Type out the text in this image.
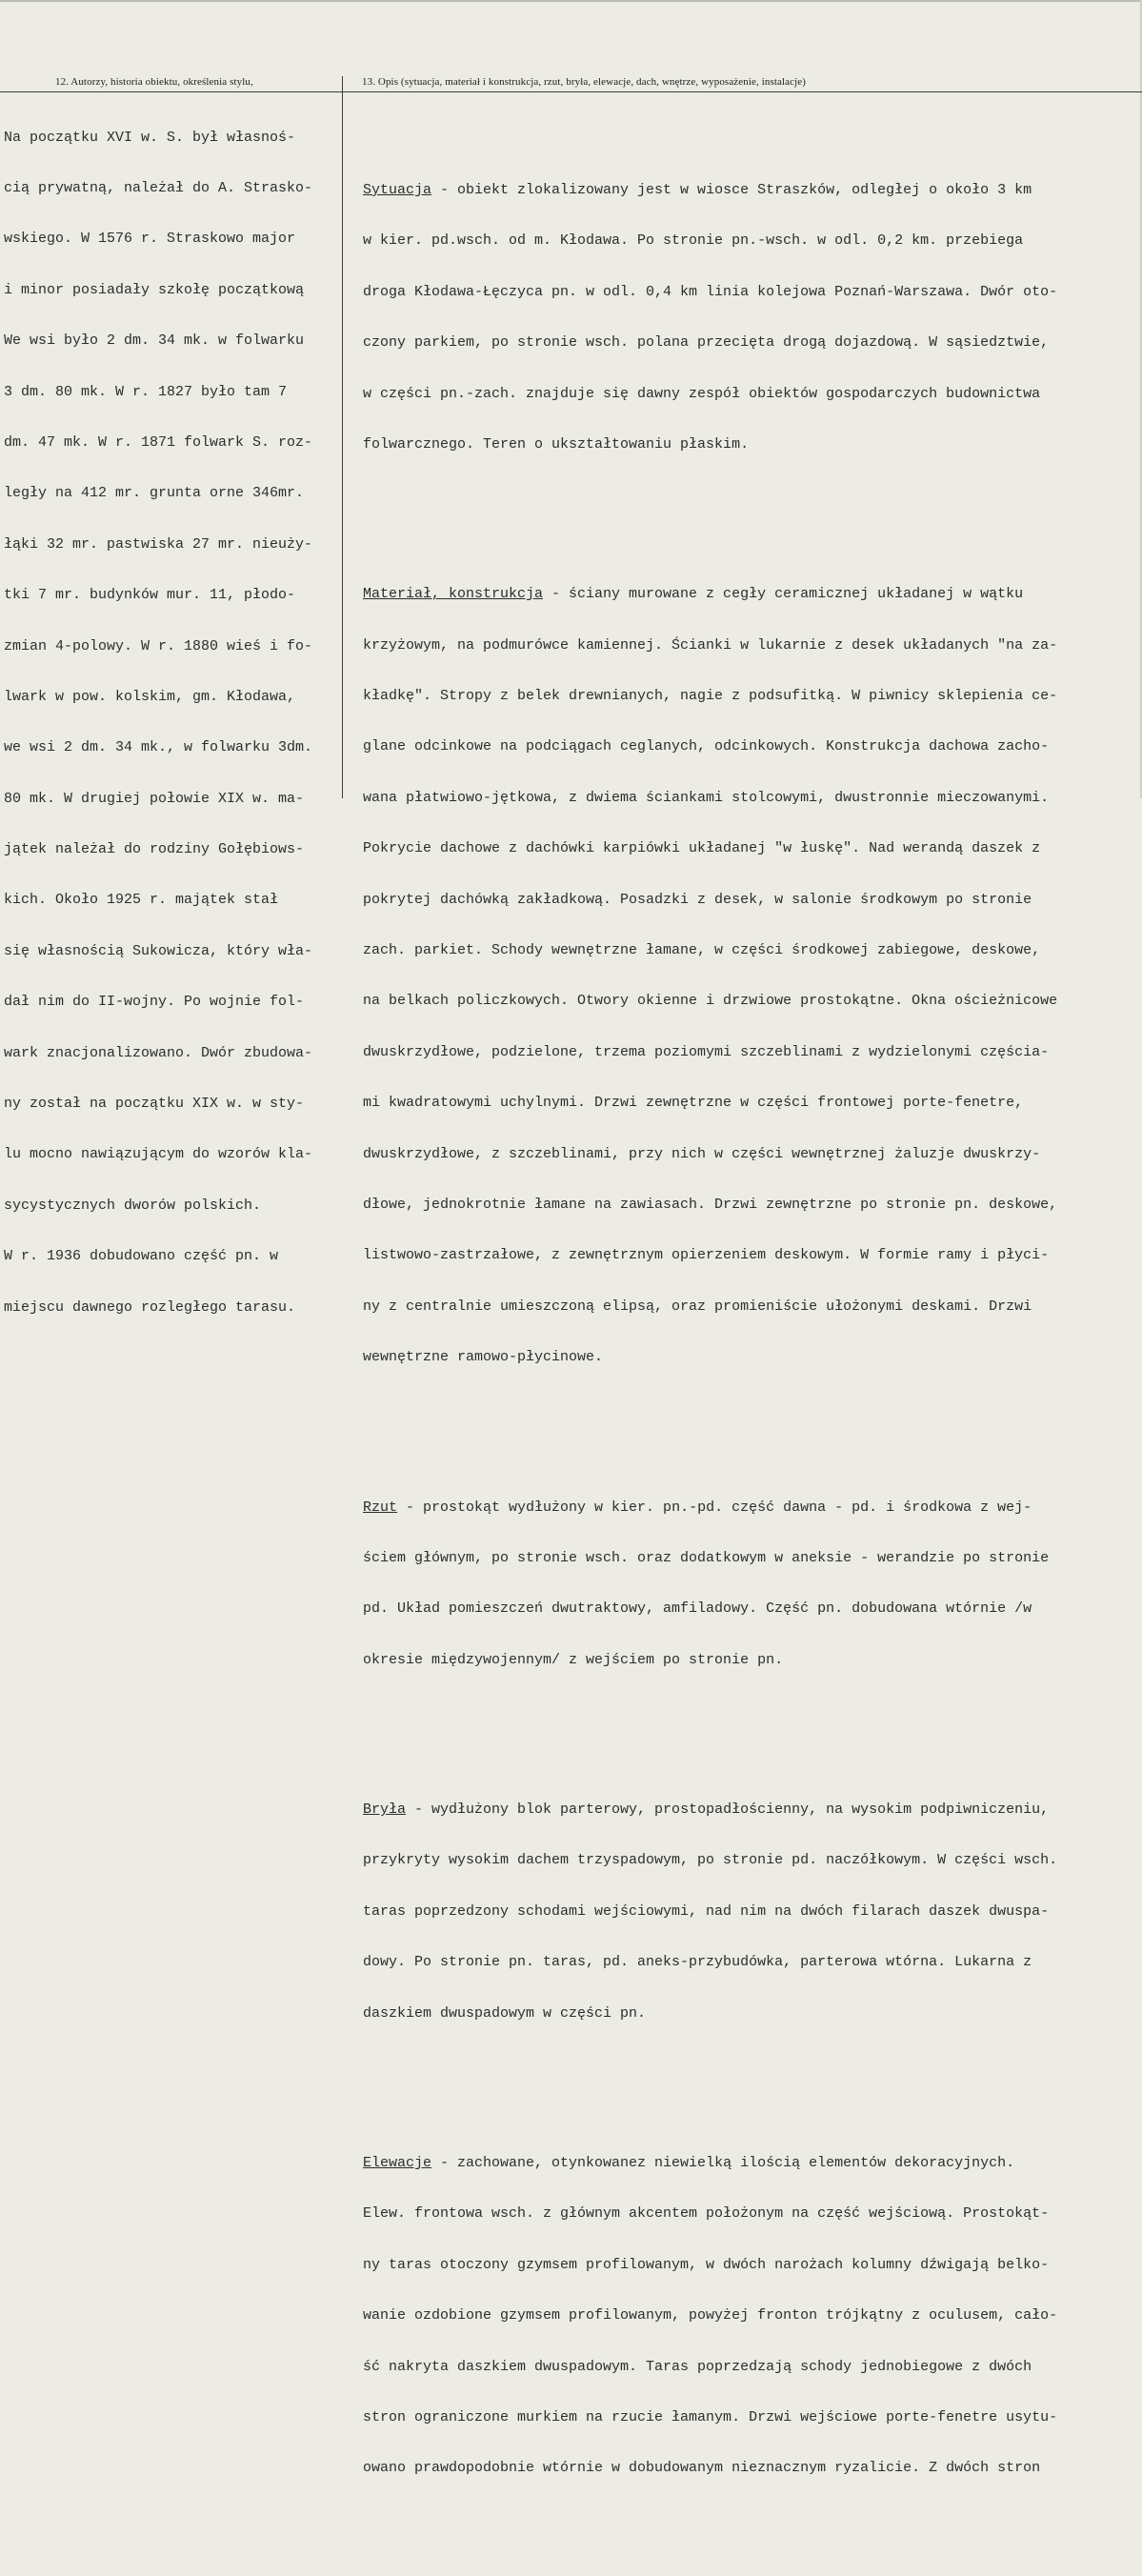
12. Autorzy, historia obiektu, określenia stylu,	13. Opis (sytuacja, materiał i konstrukcja, rzut, bryła, elewacje, dach, wnętrze, wyposażenie, instalacje)

Na początku XVI w. S. był własnoś-

cią prywatną, należał do A. Strasko-

wskiego. W 1576 r. Straskowo major

i minor posiadały szkołę początkową

We wsi było 2 dm. 34 mk. w folwarku

3 dm. 80 mk. W r. 1827 było tam 7

dm. 47 mk. W r. 1871 folwark S. roz-

legły na 412 mr. grunta orne 346mr.

łąki 32 mr. pastwiska 27 mr. nieuży-

tki 7 mr. budynków mur. 11, płodo-

zmian 4-polowy. W r. 1880 wieś i fo-

lwark w pow. kolskim, gm. Kłodawa,

we wsi 2 dm. 34 mk., w folwarku 3dm.

80 mk. W drugiej połowie XIX w. ma-

jątek należał do rodziny Gołębiows-

kich. Około 1925 r. majątek stał

się własnością Sukowicza, który wła-

dał nim do II-wojny. Po wojnie fol-

wark znacjonalizowano. Dwór zbudowa-

ny został na początku XIX w. w sty-

lu mocno nawiązującym do wzorów kla-

sycystycznych dworów polskich.

W r. 1936 dobudowano część pn. w

miejscu dawnego rozległego tarasu.

Sytuacja - obiekt zlokalizowany jest w wiosce Straszków, odległej o około 3 km

w kier. pd.wsch. od m. Kłodawa. Po stronie pn.-wsch. w odl. 0,2 km. przebiega

droga Kłodawa-Łęczyca pn. w odl. 0,4 km linia kolejowa Poznań-Warszawa. Dwór oto-

czony parkiem, po stronie wsch. polana przecięta drogą dojazdową. W sąsiedztwie,

w części pn.-zach. znajduje się dawny zespół obiektów gospodarczych budownictwa

folwarcznego. Teren o ukształtowaniu płaskim.

Materiał, konstrukcja - ściany murowane z cegły ceramicznej układanej w wątku

krzyżowym, na podmurówce kamiennej. Ścianki w lukarnie z desek układanych "na za-

kładkę". Stropy z belek drewnianych, nagie z podsufitką. W piwnicy sklepienia ce-

glane odcinkowe na podciągach ceglanych, odcinkowych. Konstrukcja dachowa zacho-

wana płatwiowo-jętkowa, z dwiema ściankami stolcowymi, dwustronnie mieczowanymi.

Pokrycie dachowe z dachówki karpiówki układanej "w łuskę". Nad werandą daszek z

pokrytej dachówką zakładkową. Posadzki z desek, w salonie środkowym po stronie

zach. parkiet. Schody wewnętrzne łamane, w części środkowej zabiegowe, deskowe,

na belkach policzkowych. Otwory okienne i drzwiowe prostokątne. Okna ościeżnicowe

dwuskrzydłowe, podzielone, trzema poziomymi szczeblinami z wydzielonymi częścia-

mi kwadratowymi uchylnymi. Drzwi zewnętrzne w części frontowej porte-fenetre,

dwuskrzydłowe, z szczeblinami, przy nich w części wewnętrznej żaluzje dwuskrzy-

dłowe, jednokrotnie łamane na zawiasach. Drzwi zewnętrzne po stronie pn. deskowe,

listwowo-zastrzałowe, z zewnętrznym opierzeniem deskowym. W formie ramy i płyci-

ny z centralnie umieszczoną elipsą, oraz promieniście ułożonymi deskami. Drzwi

wewnętrzne ramowo-płycinowe.

Rzut - prostokąt wydłużony w kier. pn.-pd. część dawna - pd. i środkowa z wej-

ściem głównym, po stronie wsch. oraz dodatkowym w aneksie - werandzie po stronie

pd. Układ pomieszczeń dwutraktowy, amfiladowy. Część pn. dobudowana wtórnie /w

okresie międzywojennym/ z wejściem po stronie pn.

Bryła - wydłużony blok parterowy, prostopadłościenny, na wysokim podpiwniczeniu,

przykryty wysokim dachem trzyspadowym, po stronie pd. naczółkowym. W części wsch.

taras poprzedzony schodami wejściowymi, nad nim na dwóch filarach daszek dwuspa-

dowy. Po stronie pn. taras, pd. aneks-przybudówka, parterowa wtórna. Lukarna z

daszkiem dwuspadowym w części pn.

Elewacje - zachowane, otynkowanez niewielką ilością elementów dekoracyjnych.

Elew. frontowa wsch. z głównym akcentem położonym na część wejściową. Prostokąt-

ny taras otoczony gzymsem profilowanym, w dwóch narożach kolumny dźwigają belko-

wanie ozdobione gzymsem profilowanym, powyżej fronton trójkątny z oculusem, cało-

ść nakryta daszkiem dwuspadowym. Taras poprzedzają schody jednobiegowe z dwóch

stron ograniczone murkiem na rzucie łamanym. Drzwi wejściowe porte-fenetre usytu-

owano prawdopodobnie wtórnie w dobudowanym nieznacznym ryzalicie. Z dwóch stron
